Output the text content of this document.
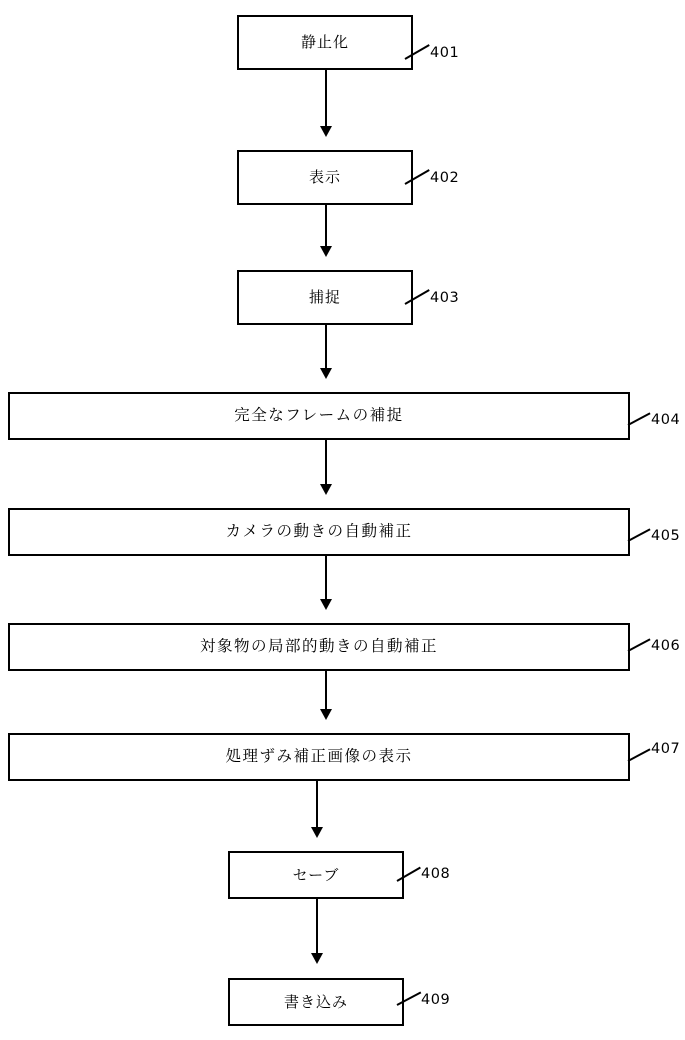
静止化
表示
捕捉
完全なフレームの補捉
カメラの動きの自動補正
対象物の局部的動きの自動補正
処理ずみ補正画像の表示
セーブ
書き込み
401
402
403
404
405
406
407
408
409
